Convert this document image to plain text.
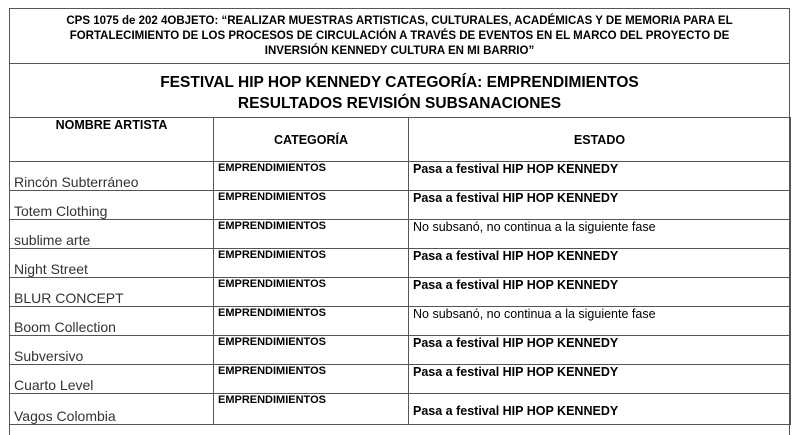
CPS 1075 de 202 4OBJETO: “REALIZAR MUESTRAS ARTISTICAS, CULTURALES, ACADÉMICAS Y DE MEMORIA PARA EL
FORTALECIMIENTO DE LOS PROCESOS DE CIRCULACIÓN A TRAVÉS DE EVENTOS EN EL MARCO DEL PROYECTO DE
INVERSIÓN KENNEDY CULTURA EN MI BARRIO”
FESTIVAL HIP HOP KENNEDY CATEGORÍA: EMPRENDIMIENTOS
RESULTADOS REVISIÓN SUBSANACIONES
NOMBRE ARTISTA	CATEGORÍA	ESTADO
Rincón Subterráneo	EMPRENDIMIENTOS	Pasa a festival HIP HOP KENNEDY
Totem Clothing	EMPRENDIMIENTOS	Pasa a festival HIP HOP KENNEDY
sublime arte	EMPRENDIMIENTOS	No subsanó, no continua a la siguiente fase
Night Street	EMPRENDIMIENTOS	Pasa a festival HIP HOP KENNEDY
BLUR CONCEPT	EMPRENDIMIENTOS	Pasa a festival HIP HOP KENNEDY
Boom Collection	EMPRENDIMIENTOS	No subsanó, no continua a la siguiente fase
Subversivo	EMPRENDIMIENTOS	Pasa a festival HIP HOP KENNEDY
Cuarto Level	EMPRENDIMIENTOS	Pasa a festival HIP HOP KENNEDY
Vagos Colombia	EMPRENDIMIENTOS	Pasa a festival HIP HOP KENNEDY
